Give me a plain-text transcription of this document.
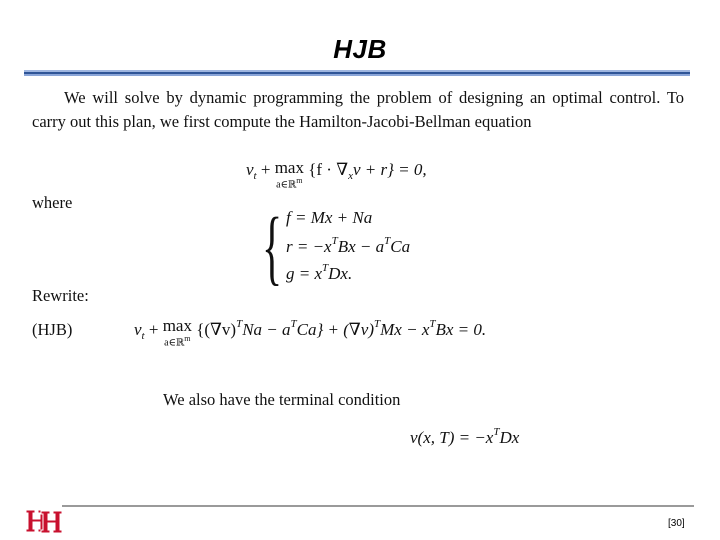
HJB
We will solve by dynamic programming the problem of designing an optimal control. To carry out this plan, we first compute the Hamilton-Jacobi-Bellman equation
$v_t + \max$
a∈ℝ$^m$
$\{f \cdot \nabla_xv + r\} = 0$,
where { f = Mx + Na
$r = -x^TBx - a^TCa$
$g = x^TDx$.
Rewrite:
(HJB)	$v_t + \max$
a∈ℝ$^m$ $\{(\nabla v)^TNa - a^TCa\} + (\nabla v)^TMx - x^TBx = 0$.
We also have the terminal condition
v(x, $T) = -x^TDx$
[30]
